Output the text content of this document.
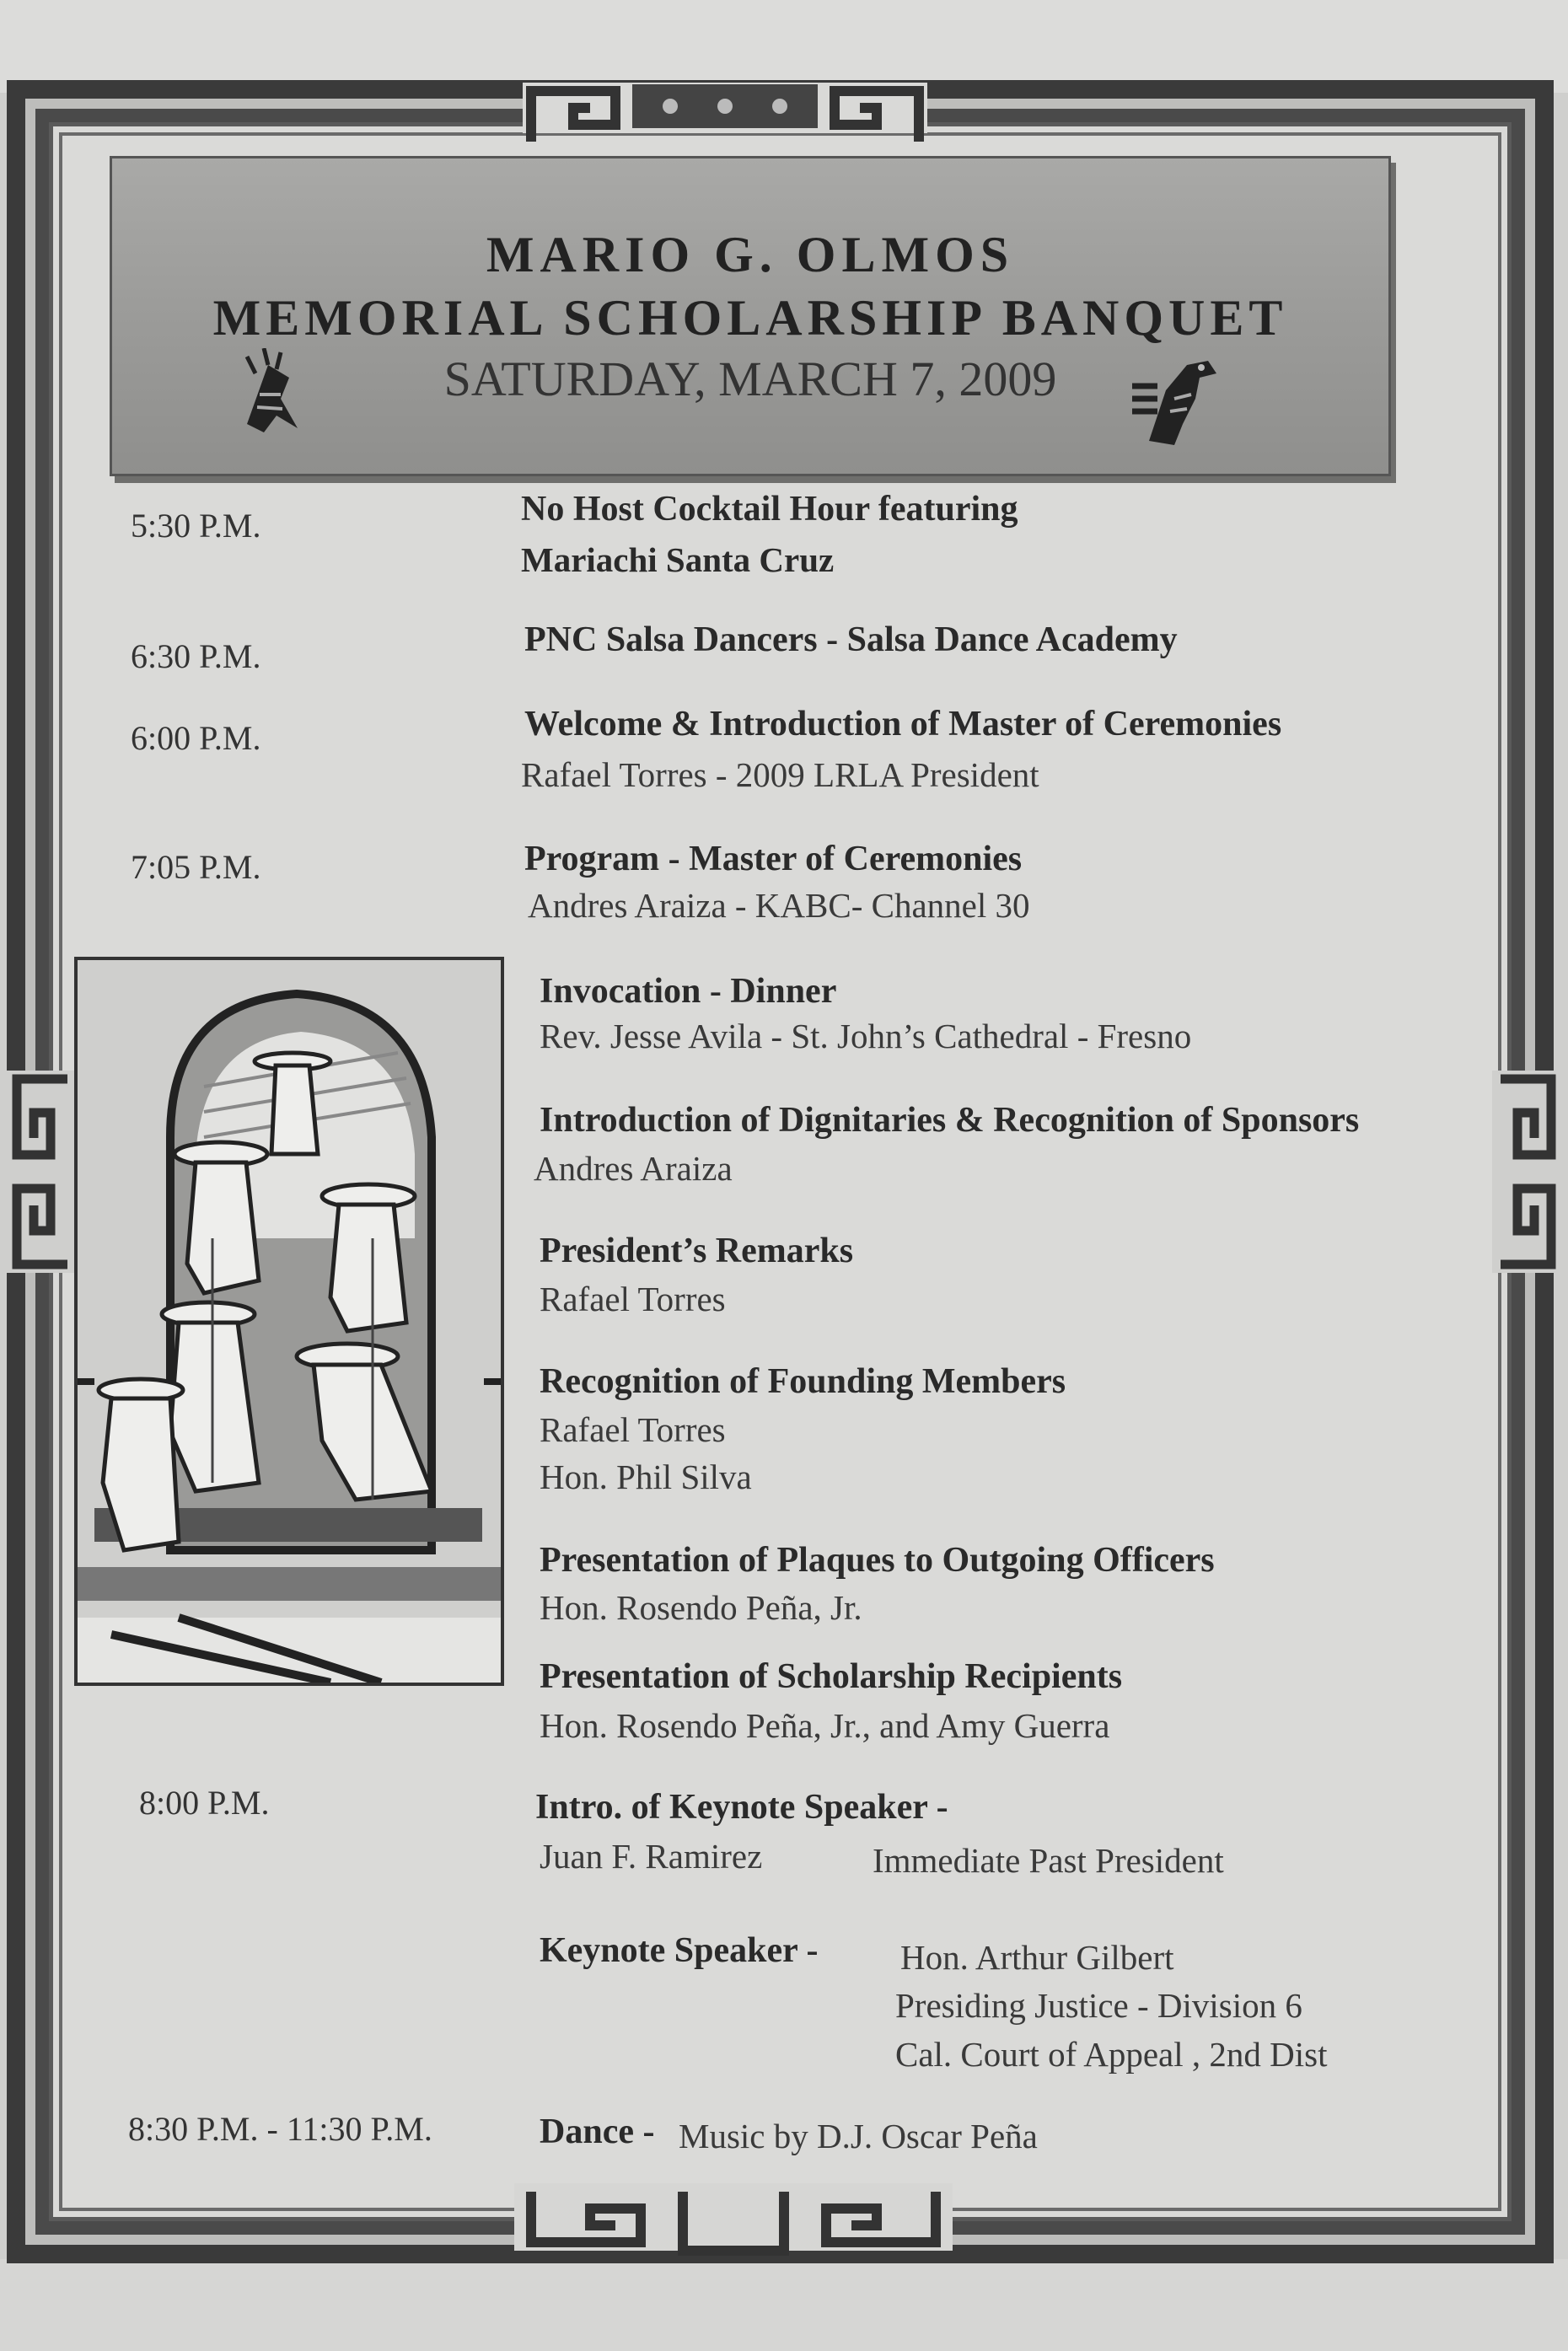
MARIO G. OLMOS
MEMORIAL SCHOLARSHIP BANQUET
SATURDAY, MARCH 7, 2009
5:30 P.M.	No Host Cocktail Hour featuring
Mariachi Santa Cruz
6:30 P.M.	PNC Salsa Dancers - Salsa Dance Academy
6:00 P.M.	Welcome & Introduction of Master of Ceremonies
Rafael Torres - 2009 LRLA President
7:05 P.M.	Program - Master of Ceremonies
Andres Araiza - KABC- Channel 30
Invocation - Dinner
Rev. Jesse Avila - St. John’s Cathedral - Fresno
Introduction of Dignitaries & Recognition of Sponsors
Andres Araiza
President’s Remarks
Rafael Torres
Recognition of Founding Members
Rafael Torres
Hon. Phil Silva
Presentation of Plaques to Outgoing Officers
Hon. Rosendo Peña, Jr.
Presentation of Scholarship Recipients
Hon. Rosendo Peña, Jr., and Amy Guerra
8:00 P.M.	Intro. of Keynote Speaker -
Juan F. Ramirez	Immediate Past President
Keynote Speaker - Hon. Arthur Gilbert
Presiding Justice - Division 6
Cal. Court of Appeal , 2nd Dist
8:30 P.M. - 11:30 P.M.	Dance - Music by D.J. Oscar Peña
